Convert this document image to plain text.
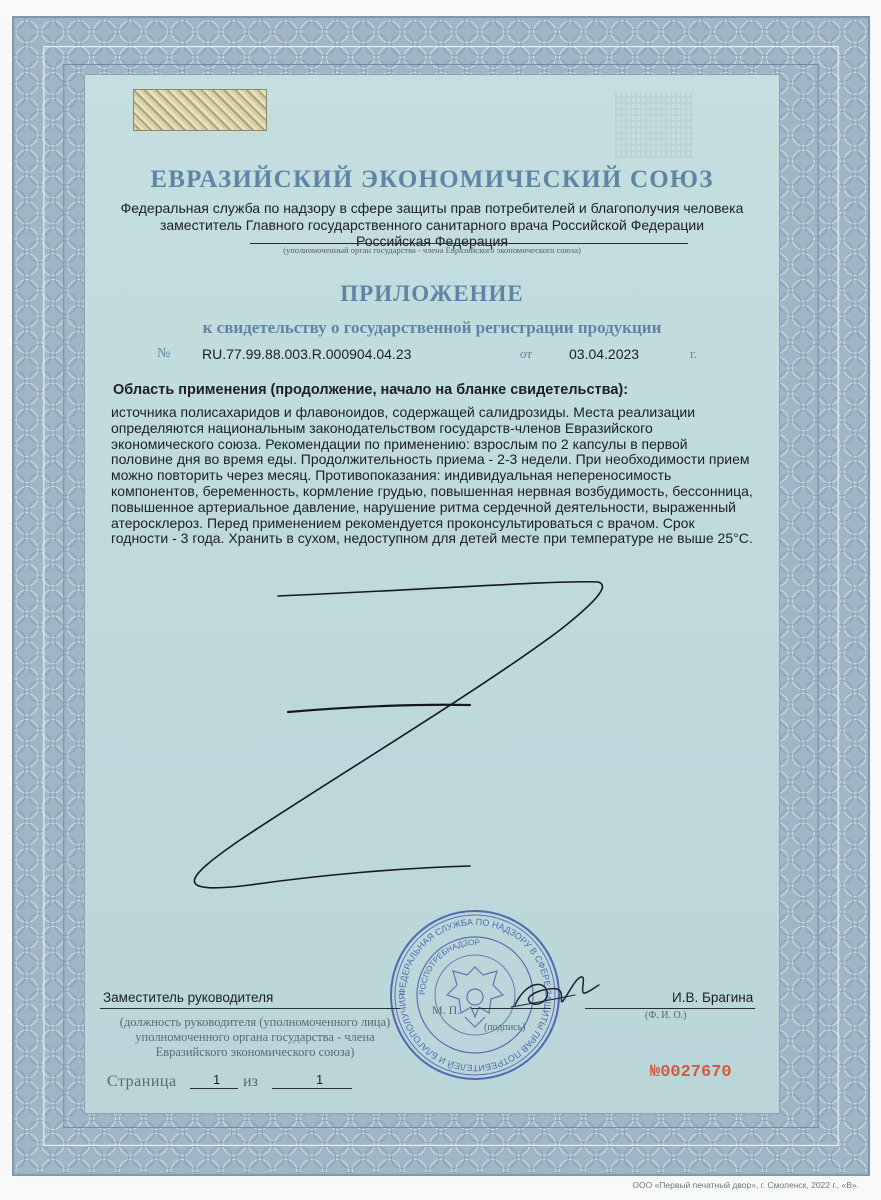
ЕВРАЗИЙСКИЙ ЭКОНОМИЧЕСКИЙ СОЮЗ
Федеральная служба по надзору в сфере защиты прав потребителей и благополучия человека
заместитель Главного государственного санитарного врача Российской Федерации
Российская Федерация
(уполномоченный орган государства - члена Евразийского экономического союза)
ПРИЛОЖЕНИЕ
к свидетельству о государственной регистрации продукции
№ RU.77.99.88.003.R.000904.04.23	от	03.04.2023	г.
Область применения (продолжение, начало на бланке свидетельства):
источника полисахаридов и флавоноидов, содержащей салидрозиды. Места реализации
определяются национальным законодательством государств-членов Евразийского
экономического союза. Рекомендации по применению: взрослым по 2 капсулы в первой
половине дня во время еды. Продолжительность приема - 2-3 недели. При необходимости прием
можно повторить через месяц. Противопоказания: индивидуальная непереносимость
компонентов, беременность, кормление грудью, повышенная нервная возбудимость, бессонница,
повышенное артериальное давление, нарушение ритма сердечной деятельности, выраженный
атеросклероз. Перед применением рекомендуется проконсультироваться с врачом. Срок
годности - 3 года. Хранить в сухом, недоступном для детей месте при температуре не выше 25°С.
ФЕДЕРАЛЬНАЯ СЛУЖБА ПО НАДЗОРУ В СФЕРЕ ЗАЩИТЫ ПРАВ ПОТРЕБИТЕЛЕЙ И БЛАГОПОЛУЧИЯ
РОСПОТРЕБНАДЗОР
Заместитель руководителя
(должность руководителя (уполномоченного лица) уполномоченного органа государства - члена Евразийского экономического союза)
М. П.
(подпись)
И.В. Брагина
(Ф. И. О.)
Страница	1 из	1	№0027670
ООО «Первый печатный двор», г. Смоленск, 2022 г., «В».
